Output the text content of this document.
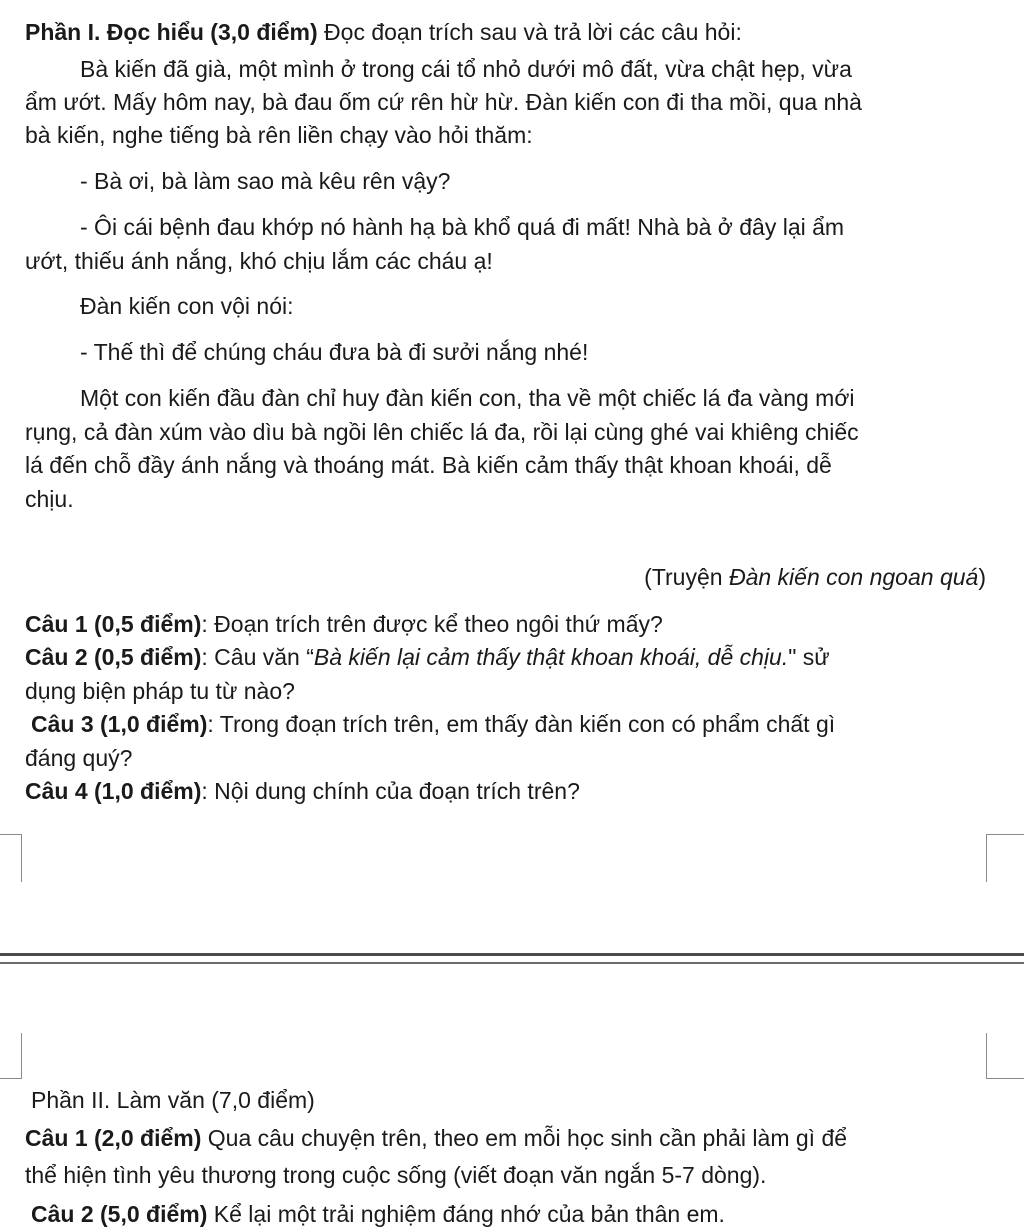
Phần I. Đọc hiểu (3,0 điểm) Đọc đoạn trích sau và trả lời các câu hỏi:
Bà kiến đã già, một mình ở trong cái tổ nhỏ dưới mô đất, vừa chật hẹp, vừa
ẩm ướt. Mấy hôm nay, bà đau ốm cứ rên hừ hừ. Đàn kiến con đi tha mồi, qua nhà
bà kiến, nghe tiếng bà rên liền chạy vào hỏi thăm:
- Bà ơi, bà làm sao mà kêu rên vậy?
- Ôi cái bệnh đau khớp nó hành hạ bà khổ quá đi mất! Nhà bà ở đây lại ẩm
ướt, thiếu ánh nắng, khó chịu lắm các cháu ạ!
Đàn kiến con vội nói:
- Thế thì để chúng cháu đưa bà đi sưởi nắng nhé!
Một con kiến đầu đàn chỉ huy đàn kiến con, tha về một chiếc lá đa vàng mới
rụng, cả đàn xúm vào dìu bà ngồi lên chiếc lá đa, rồi lại cùng ghé vai khiêng chiếc
lá đến chỗ đầy ánh nắng và thoáng mát. Bà kiến cảm thấy thật khoan khoái, dễ
chịu.
(Truyện Đàn kiến con ngoan quá)
Câu 1 (0,5 điểm): Đoạn trích trên được kể theo ngôi thứ mấy?
Câu 2 (0,5 điểm): Câu văn “Bà kiến lại cảm thấy thật khoan khoái, dễ chịu." sử
dụng biện pháp tu từ nào?
Câu 3 (1,0 điểm): Trong đoạn trích trên, em thấy đàn kiến con có phẩm chất gì
đáng quý?
Câu 4 (1,0 điểm): Nội dung chính của đoạn trích trên?
Phần II. Làm văn (7,0 điểm)
Câu 1 (2,0 điểm) Qua câu chuyện trên, theo em mỗi học sinh cần phải làm gì để
thể hiện tình yêu thương trong cuộc sống (viết đoạn văn ngắn 5-7 dòng).
Câu 2 (5,0 điểm) Kể lại một trải nghiệm đáng nhớ của bản thân em.
